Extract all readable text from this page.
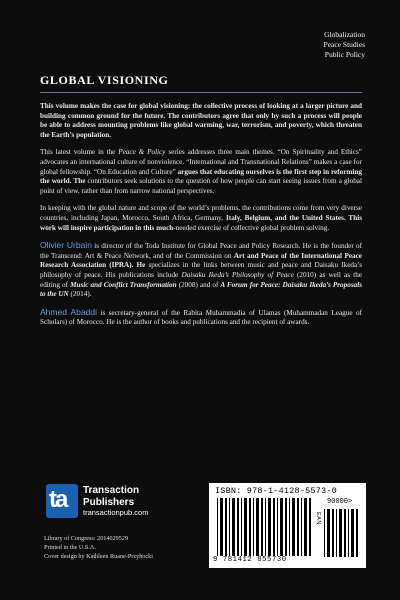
Globalization
Peace Studies
Public Policy
GLOBAL VISIONING

This volume makes the case for global visioning: the collective process of looking at a larger picture and building common ground for the future. The contributors agree that only by such a process will people be able to address mounting problems like global warming, war, terrorism, and poverty, which threaten the Earth’s population.

This latest volume in the Peace & Policy series addresses three main themes. “On Spirituality and Ethics” advocates an international culture of nonviolence. “International and Transnational Relations” makes a case for global fellowship. “On Education and Culture” argues that educating ourselves is the first step in reforming the world. The contributors seek solutions to the question of how people can start seeing issues from a global point of view, rather than from narrow national perspectives.

In keeping with the global nature and scope of the world’s problems, the contributions come from very diverse countries, including Japan, Morocco, South Africa, Germany, Italy, Belgium, and the United States. This work will inspire participation in this much-needed exercise of collective global problem solving.

Olivier Urbain is director of the Toda Institute for Global Peace and Policy Research. He is the founder of the Transcend: Art & Peace Network, and of the Commission on Art and Peace of the International Peace Research Association (IPRA). He specializes in the links between music and peace and Daisaku Ikeda’s philosophy of peace. His publications include Daisaku Ikeda’s Philosophy of Peace (2010) as well as the editing of Music and Conflict Transformation (2008) and of A Forum for Peace: Daisaku Ikeda’s Proposals to the UN (2014).

Ahmed Abaddi is secretary-general of the Rabita Muhammadia of Ulamas (Muhammadan League of Scholars) of Morocco. He is the author of books and publications and the recipient of awards.

ta Transaction
Publishers
transactionpub.com
Library of Congress: 2014029529
Printed in the U.S.A.
Cover design by Kathleen Ruane-Przyhocki
ISBN: 978-1-4128-5573-0
EAN
90000>
9 781412 855730
